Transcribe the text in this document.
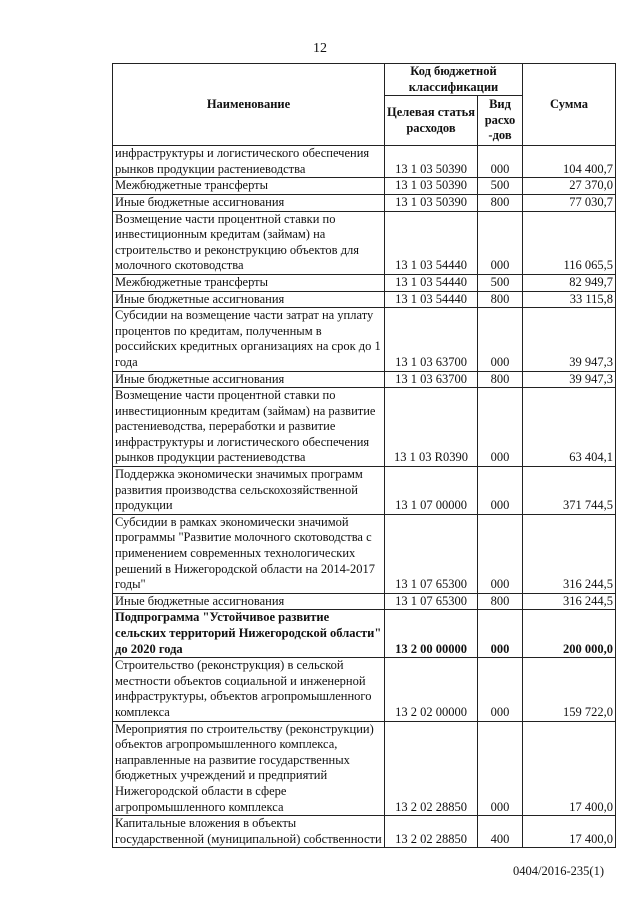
12
Наименование	Код бюджетной классификации		Сумма
	Целевая статья расходов	Вид расхо -дов	
инфраструктуры и логистического обеспечения рынков продукции растениеводства	13 1 03 50390	000	104 400,7
Межбюджетные трансферты	13 1 03 50390	500	27 370,0
Иные бюджетные ассигнования	13 1 03 50390	800	77 030,7
Возмещение части процентной ставки по инвестиционным кредитам (займам) на строительство и реконструкцию объектов для молочного скотоводства	13 1 03 54440	000	116 065,5
Межбюджетные трансферты	13 1 03 54440	500	82 949,7
Иные бюджетные ассигнования	13 1 03 54440	800	33 115,8
Субсидии на возмещение части затрат на уплату процентов по кредитам, полученным в российских кредитных организациях на срок до 1 года	13 1 03 63700	000	39 947,3
Иные бюджетные ассигнования	13 1 03 63700	800	39 947,3
Возмещение части процентной ставки по инвестиционным кредитам (займам) на развитие растениеводства, переработки и развитие инфраструктуры и логистического обеспечения рынков продукции растениеводства	13 1 03 R0390	000	63 404,1
Поддержка экономически значимых программ развития производства сельскохозяйственной продукции	13 1 07 00000	000	371 744,5
Субсидии в рамках экономически значимой программы "Развитие молочного скотоводства с применением современных технологических решений в Нижегородской области на 2014-2017 годы"	13 1 07 65300	000	316 244,5
Иные бюджетные ассигнования	13 1 07 65300	800	316 244,5
Подпрограмма "Устойчивое развитие сельских территорий Нижегородской области" до 2020 года	13 2 00 00000	000	200 000,0
Строительство (реконструкция) в сельской местности объектов социальной и инженерной инфраструктуры, объектов агропромышленного комплекса	13 2 02 00000	000	159 722,0
Мероприятия по строительству (реконструкции) объектов агропромышленного комплекса, направленные на развитие государственных бюджетных учреждений и предприятий Нижегородской области в сфере агропромышленного комплекса	13 2 02 28850	000	17 400,0
Капитальные вложения в объекты государственной (муниципальной) собственности	13 2 02 28850	400	17 400,0
0404/2016-235(1)
